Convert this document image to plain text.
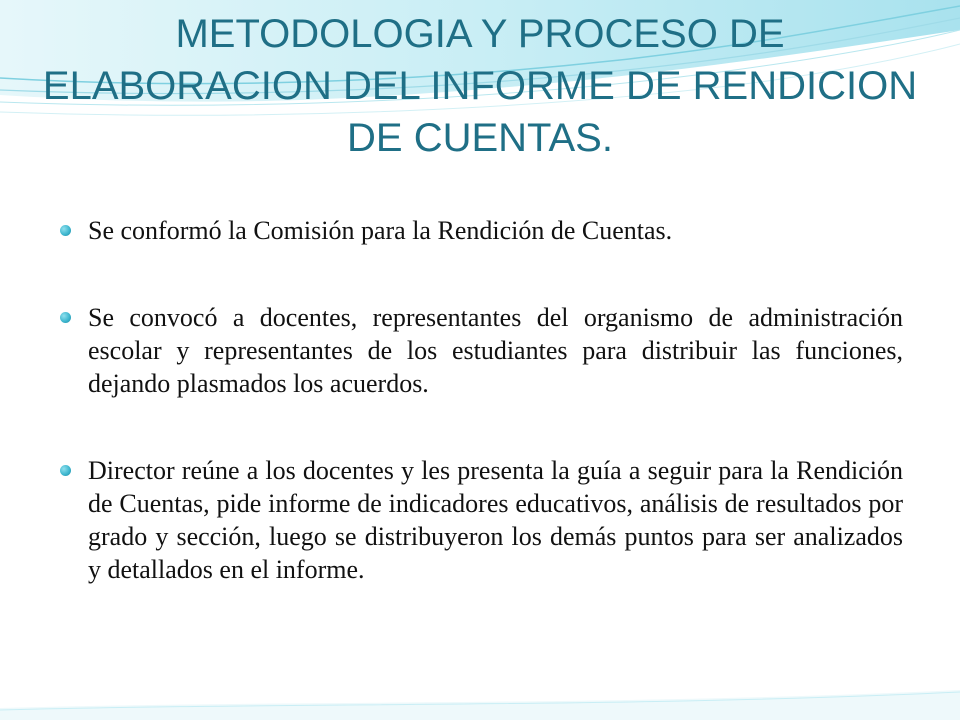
METODOLOGIA Y PROCESO DE ELABORACION DEL INFORME DE RENDICION DE CUENTAS.
Se conformó la Comisión para la Rendición de Cuentas.
Se convocó a docentes, representantes del organismo de administración escolar y representantes de los estudiantes para distribuir las funciones, dejando plasmados los acuerdos.
Director reúne a los docentes y les presenta la guía a seguir para la Rendición de Cuentas, pide informe de indicadores educativos, análisis de resultados por grado y sección, luego se distribuyeron los demás puntos para ser analizados y detallados en el informe.
